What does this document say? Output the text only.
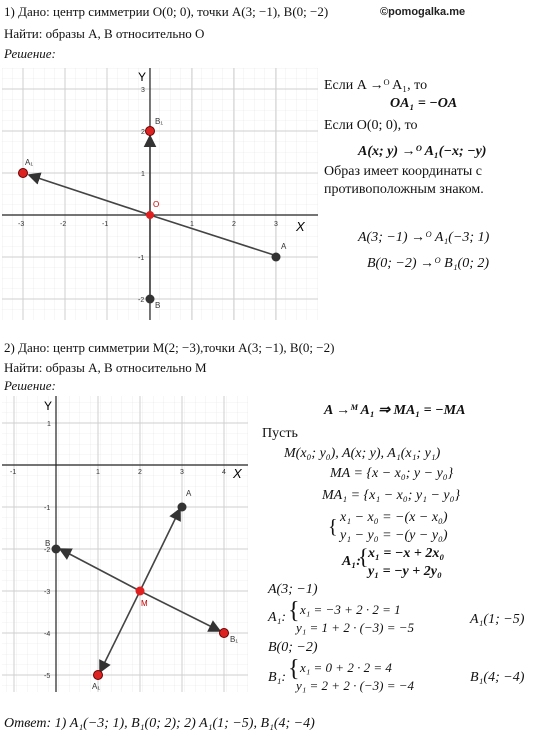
1) Дано: центр симметрии O(0; 0), точки A(3; −1), B(0; −2)	©pomogalka.me
Найти: образы A, B относительно O
Решение:
X
Y
-3	-2	-1	1	2	3
3
2
1
-1
-2
O
A
B
A₁
B₁
Если A →ᴼ A₁, то
OA₁ = −OA
Если O(0; 0), то
A(x; y) →ᴼ A₁(−x; −y)
Образ имеет координаты с
противоположным знаком.
A(3; −1) →ᴼ A₁(−3; 1)
B(0; −2) →ᴼ B₁(0; 2)
2) Дано: центр симметрии M(2; −3),точки A(3; −1), B(0; −2)
Найти: образы A, B относительно M
Решение:
X
Y
-1	1	2	3	4
1
-1
-2
-3
-4
-5
M
A
B
A₁
B₁
A →ᴹ A₁ ⇒ MA₁ = −MA
Пусть
M(x₀; y₀), A(x; y), A₁(x₁; y₁)
MA = {x − x₀; y − y₀}
MA₁ = {x₁ − x₀; y₁ − y₀}
{ x₁ − x₀ = −(x − x₀)
y₁ − y₀ = −(y − y₀)
A₁:
{ x₁ = −x + 2x₀
y₁ = −y + 2y₀
A(3; −1)
A₁: { x₁ = −3 + 2 · 2 = 1
y₁ = 1 + 2 · (−3) = −5
A₁(1; −5)
B(0; −2)
B₁: { x₁ = 0 + 2 · 2 = 4
y₁ = 2 + 2 · (−3) = −4
B₁(4; −4)
Ответ: 1) A₁(−3; 1), B₁(0; 2); 2) A₁(1; −5), B₁(4; −4)
